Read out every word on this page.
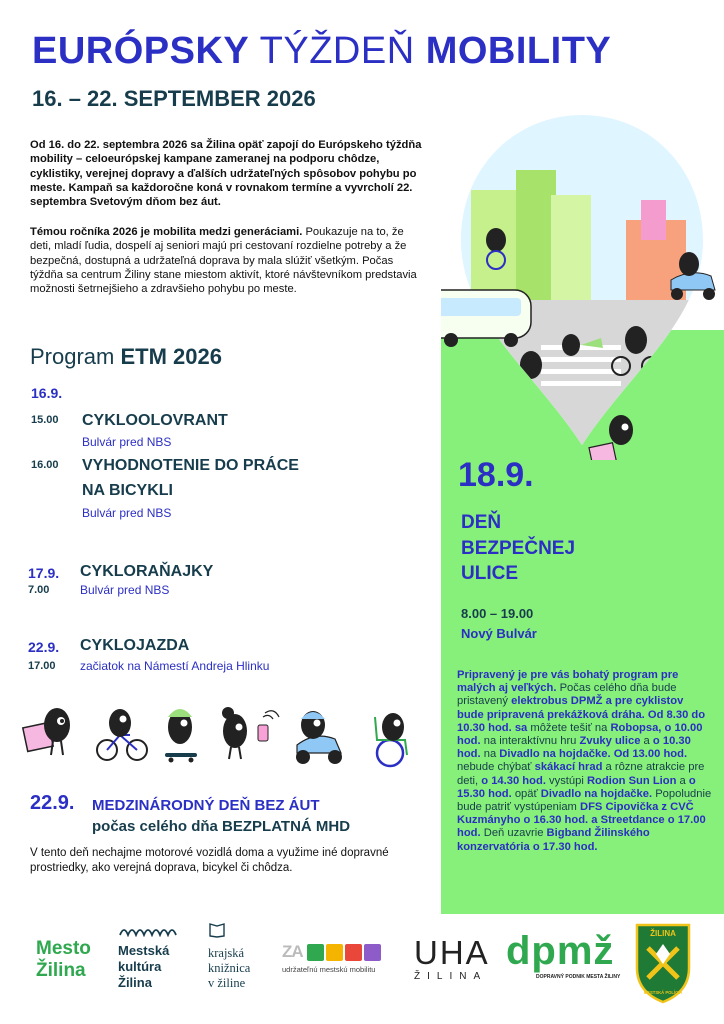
EURÓPSKY TÝŽDEŇ MOBILITY
16. – 22. SEPTEMBER 2026

Od 16. do 22. septembra 2026 sa Žilina opäť zapojí do Európskeho týždňa mobility – celoeurópskej kampane zameranej na podporu chôdze, cyklistiky, verejnej dopravy a ďalších udržateľných spôsobov pohybu po meste. Kampaň sa každoročne koná v rovnakom termíne a vyvrcholí 22. septembra Svetovým dňom bez áut.

Témou ročníka 2026 je mobilita medzi generáciami. Poukazuje na to, že deti, mladí ľudia, dospelí aj seniori majú pri cestovaní rozdielne potreby a že bezpečná, dostupná a udržateľná doprava by mala slúžiť všetkým. Počas týždňa sa centrum Žiliny stane miestom aktivít, ktoré návštevníkom predstavia možnosti šetrnejšieho a zdravšieho pohybu po meste.

Program ETM 2026
16.9.
15.00 CYKLOOLOVRANT
Bulvár pred NBS
16.00 VYHODNOTENIE DO PRÁCE
NA BICYKLI
Bulvár pred NBS
17.9.
7.00
CYKLORAŇAJKY
Bulvár pred NBS
22.9.
17.00
CYKLOJAZDA
začiatok na Námestí Andreja Hlinku
22.9. MEDZINÁRODNÝ DEŇ BEZ ÁUT
počas celého dňa BEZPLATNÁ MHD

V tento deň nechajme motorové vozidlá doma a využime iné dopravné prostriedky, ako verejná doprava, bicykel či chôdza.

18.9.
DEŇ
BEZPEČNEJ
ULICE
8.00 – 19.00
Nový Bulvár

Pripravený je pre vás bohatý program pre malých aj veľkých. Počas celého dňa bude pristavený elektrobus DPMŽ a pre cyklistov bude pripravená prekážková dráha. Od 8.30 do 10.30 hod. sa môžete tešiť na Robopsa, o 10.00 hod. na interaktívnu hru Zvuky ulice a o 10.30 hod. na Divadlo na hojdačke. Od 13.00 hod. nebude chýbať skákací hrad a rôzne atrakcie pre deti, o 14.30 hod. vystúpi Rodion Sun Lion a o 15.30 hod. opäť Divadlo na hojdačke. Popoludnie bude patriť vystúpeniam DFS Cipovička z CVČ Kuzmányho o 16.30 hod. a Streetdance o 17.00 hod. Deň uzavrie Bigband Žilinského konzervatória o 17.30 hod.

Mesto
Žilina
Mestská
kultúra
Žilina
krajská
knižnica
v žiline
ZA
udržateľnú mestskú mobilitu UHA
ŽILINA
dpmž
DOPRAVNÝ PODNIK MESTA ŽILINY
ŽILINA
MESTSKÁ POLÍCIA
